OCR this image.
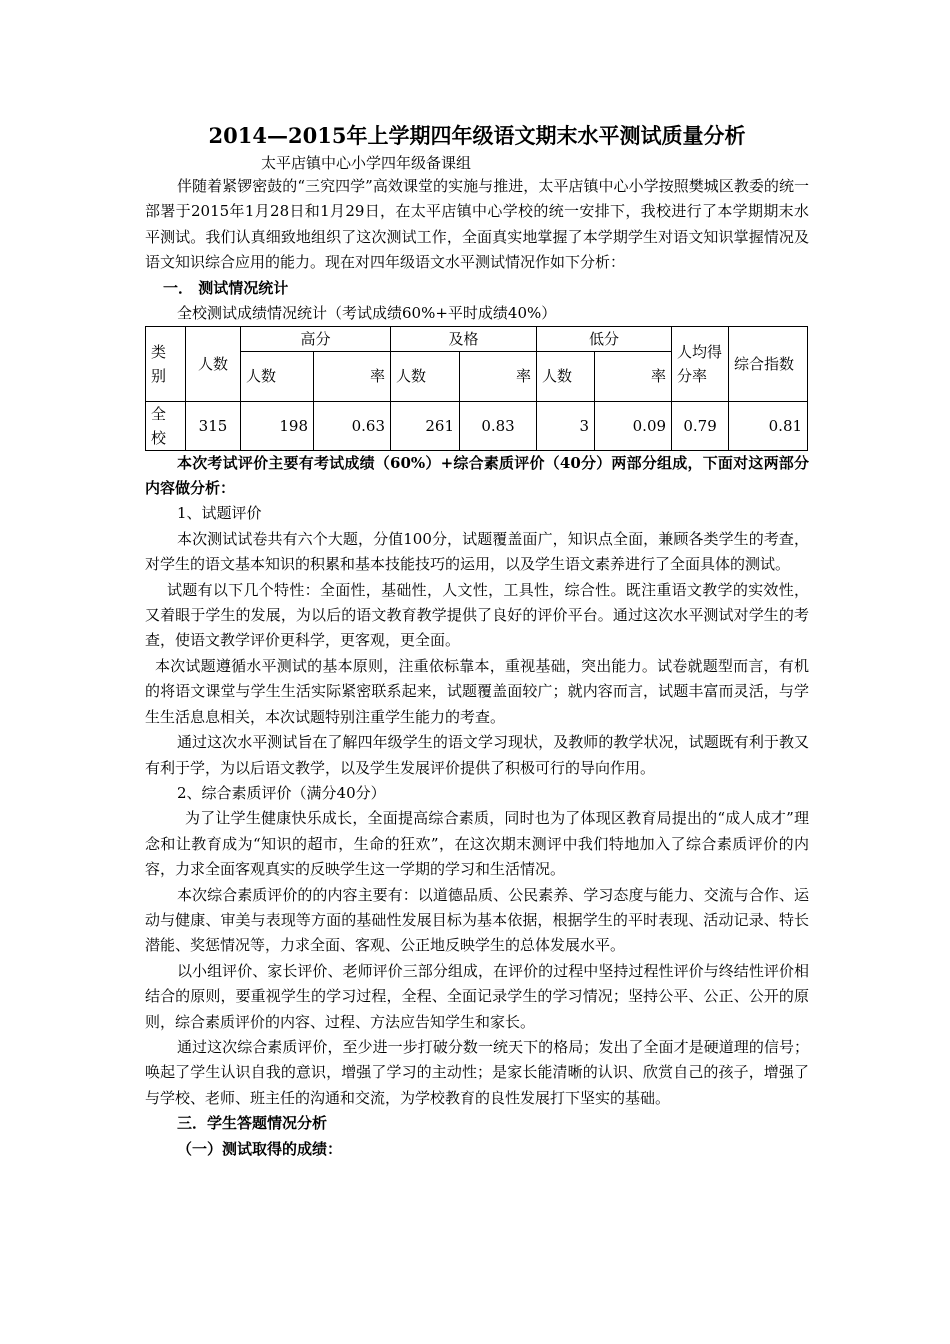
2014—2015年上学期四年级语文期末水平测试质量分析
太平店镇中心小学四年级备课组

伴随着紧锣密鼓的“三究四学”高效课堂的实施与推进，太平店镇中心小学按照樊城区教委的统一部署于2015年1月28日和1月29日，在太平店镇中心学校的统一安排下，我校进行了本学期期末水平测试。我们认真细致地组织了这次测试工作，全面真实地掌握了本学期学生对语文知识掌握情况及语文知识综合应用的能力。现在对四年级语文水平测试情况作如下分析：

一． 测试情况统计
全校测试成绩情况统计（考试成绩60%+平时成绩40%）
类别	人数	高分		及格		低分		人均得分率	综合指数
		人数	率	人数	率	人数	率		
全校	315	198	0.63	261	0.83	3	0.09	0.79	0.81

本次考试评价主要有考试成绩（60%）+综合素质评价（40分）两部分组成，下面对这两部分内容做分析：

1、试题评价

本次测试试卷共有六个大题，分值100分，试题覆盖面广，知识点全面，兼顾各类学生的考查，对学生的语文基本知识的积累和基本技能技巧的运用，以及学生语文素养进行了全面具体的测试。

试题有以下几个特性：全面性，基础性，人文性，工具性，综合性。既注重语文教学的实效性，又着眼于学生的发展，为以后的语文教育教学提供了良好的评价平台。通过这次水平测试对学生的考查，使语文教学评价更科学，更客观，更全面。

本次试题遵循水平测试的基本原则，注重依标靠本，重视基础，突出能力。试卷就题型而言，有机的将语文课堂与学生生活实际紧密联系起来，试题覆盖面较广；就内容而言，试题丰富而灵活，与学生生活息息相关，本次试题特别注重学生能力的考查。

通过这次水平测试旨在了解四年级学生的语文学习现状，及教师的教学状况，试题既有利于教又有利于学，为以后语文教学，以及学生发展评价提供了积极可行的导向作用。

2、综合素质评价（满分40分）

为了让学生健康快乐成长，全面提高综合素质，同时也为了体现区教育局提出的“成人成才”理念和让教育成为“知识的超市，生命的狂欢”，在这次期末测评中我们特地加入了综合素质评价的内容，力求全面客观真实的反映学生这一学期的学习和生活情况。

本次综合素质评价的的内容主要有：以道德品质、公民素养、学习态度与能力、交流与合作、运动与健康、审美与表现等方面的基础性发展目标为基本依据，根据学生的平时表现、活动记录、特长潜能、奖惩情况等，力求全面、客观、公正地反映学生的总体发展水平。

以小组评价、家长评价、老师评价三部分组成，在评价的过程中坚持过程性评价与终结性评价相结合的原则，要重视学生的学习过程，全程、全面记录学生的学习情况；坚持公平、公正、公开的原则，综合素质评价的内容、过程、方法应告知学生和家长。

通过这次综合素质评价，至少进一步打破分数一统天下的格局；发出了全面才是硬道理的信号；唤起了学生认识自我的意识，增强了学习的主动性；是家长能清晰的认识、欣赏自己的孩子，增强了与学校、老师、班主任的沟通和交流，为学校教育的良性发展打下坚实的基础。

三．学生答题情况分析
（一）测试取得的成绩：
